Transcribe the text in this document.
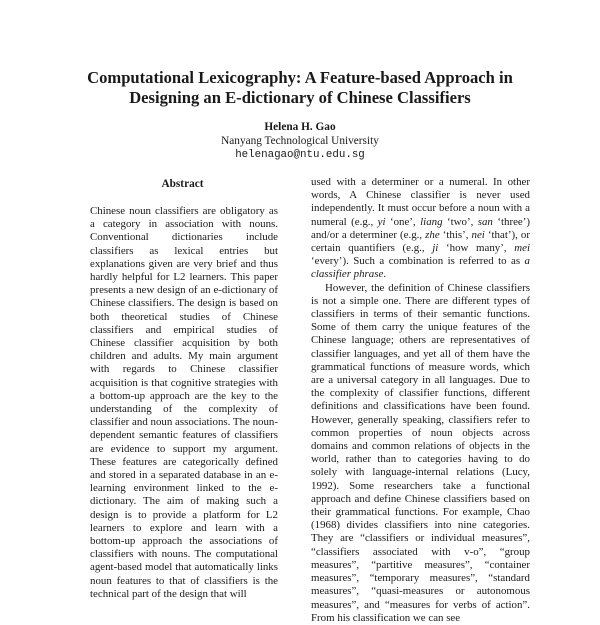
Computational Lexicography: A Feature-based Approach in
Designing an E-dictionary of Chinese Classifiers
Helena H. Gao
Nanyang Technological University
helenagao@ntu.edu.sg
Abstract

Chinese noun classifiers are obligatory as a category in association with nouns. Conventional dictionaries include classifiers as lexical entries but explanations given are very brief and thus hardly helpful for L2 learners. This paper presents a new design of an e-dictionary of Chinese classifiers. The design is based on both theoretical studies of Chinese classifiers and empirical studies of Chinese classifier acquisition by both children and adults. My main argument with regards to Chinese classifier acquisition is that cognitive strategies with a bottom-up approach are the key to the understanding of the complexity of classifier and noun associations. The noun-dependent semantic features of classifiers are evidence to support my argument. These features are categorically defined and stored in a separated database in an e-learning environment linked to the e-dictionary. The aim of making such a design is to provide a platform for L2 learners to explore and learn with a bottom-up approach the associations of classifiers with nouns. The computational agent-based model that automatically links noun features to that of classifiers is the technical part of the design that will

used with a determiner or a numeral. In other words, A Chinese classifier is never used independently. It must occur before a noun with a numeral (e.g., yi ‘one’, liang ‘two’, san ‘three’) and/or a determiner (e.g., zhe ‘this’, nei ‘that’), or certain quantifiers (e.g., ji ‘how many’, mei ‘every’). Such a combination is referred to as a classifier phrase.

However, the definition of Chinese classifiers is not a simple one. There are different types of classifiers in terms of their semantic functions. Some of them carry the unique features of the Chinese language; others are representatives of classifier languages, and yet all of them have the grammatical functions of measure words, which are a universal category in all languages. Due to the complexity of classifier functions, different definitions and classifications have been found. However, generally speaking, classifiers refer to common properties of noun objects across domains and common relations of objects in the world, rather than to categories having to do solely with language-internal relations (Lucy, 1992). Some researchers take a functional approach and define Chinese classifiers based on their grammatical functions. For example, Chao (1968) divides classifiers into nine categories. They are “classifiers or individual measures”, “classifiers associated with v-o”, “group measures”, “partitive measures”, “container measures”, “temporary measures”, “standard measures”, “quasi-measures or autonomous measures”, and “measures for verbs of action”. From his classification we can see
